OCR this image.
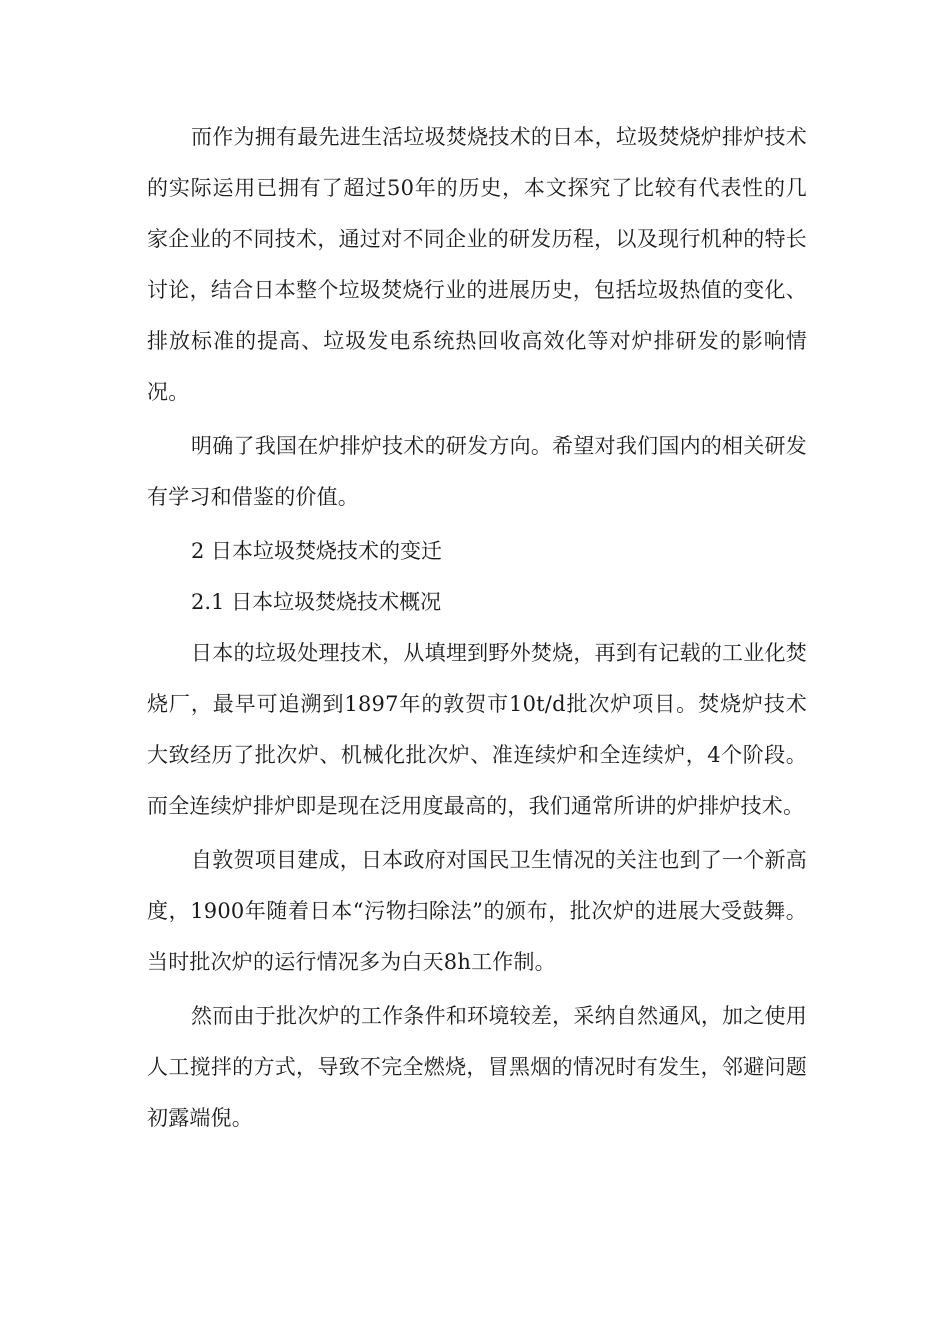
而作为拥有最先进生活垃圾焚烧技术的日本，垃圾焚烧炉排炉技术的实际运用已拥有了超过50年的历史，本文探究了比较有代表性的几家企业的不同技术，通过对不同企业的研发历程，以及现行机种的特长讨论，结合日本整个垃圾焚烧行业的进展历史，包括垃圾热值的变化、排放标准的提高、垃圾发电系统热回收高效化等对炉排研发的影响情况。

明确了我国在炉排炉技术的研发方向。希望对我们国内的相关研发有学习和借鉴的价值。

2 日本垃圾焚烧技术的变迁

2.1 日本垃圾焚烧技术概况

日本的垃圾处理技术，从填埋到野外焚烧，再到有记载的工业化焚烧厂，最早可追溯到1897年的敦贺市10t/d批次炉项目。焚烧炉技术大致经历了批次炉、机械化批次炉、准连续炉和全连续炉，4个阶段。而全连续炉排炉即是现在泛用度最高的，我们通常所讲的炉排炉技术。

自敦贺项目建成，日本政府对国民卫生情况的关注也到了一个新高度，1900年随着日本“污物扫除法”的颁布，批次炉的进展大受鼓舞。当时批次炉的运行情况多为白天8h工作制。

然而由于批次炉的工作条件和环境较差，采纳自然通风，加之使用人工搅拌的方式，导致不完全燃烧，冒黑烟的情况时有发生，邻避问题初露端倪。
